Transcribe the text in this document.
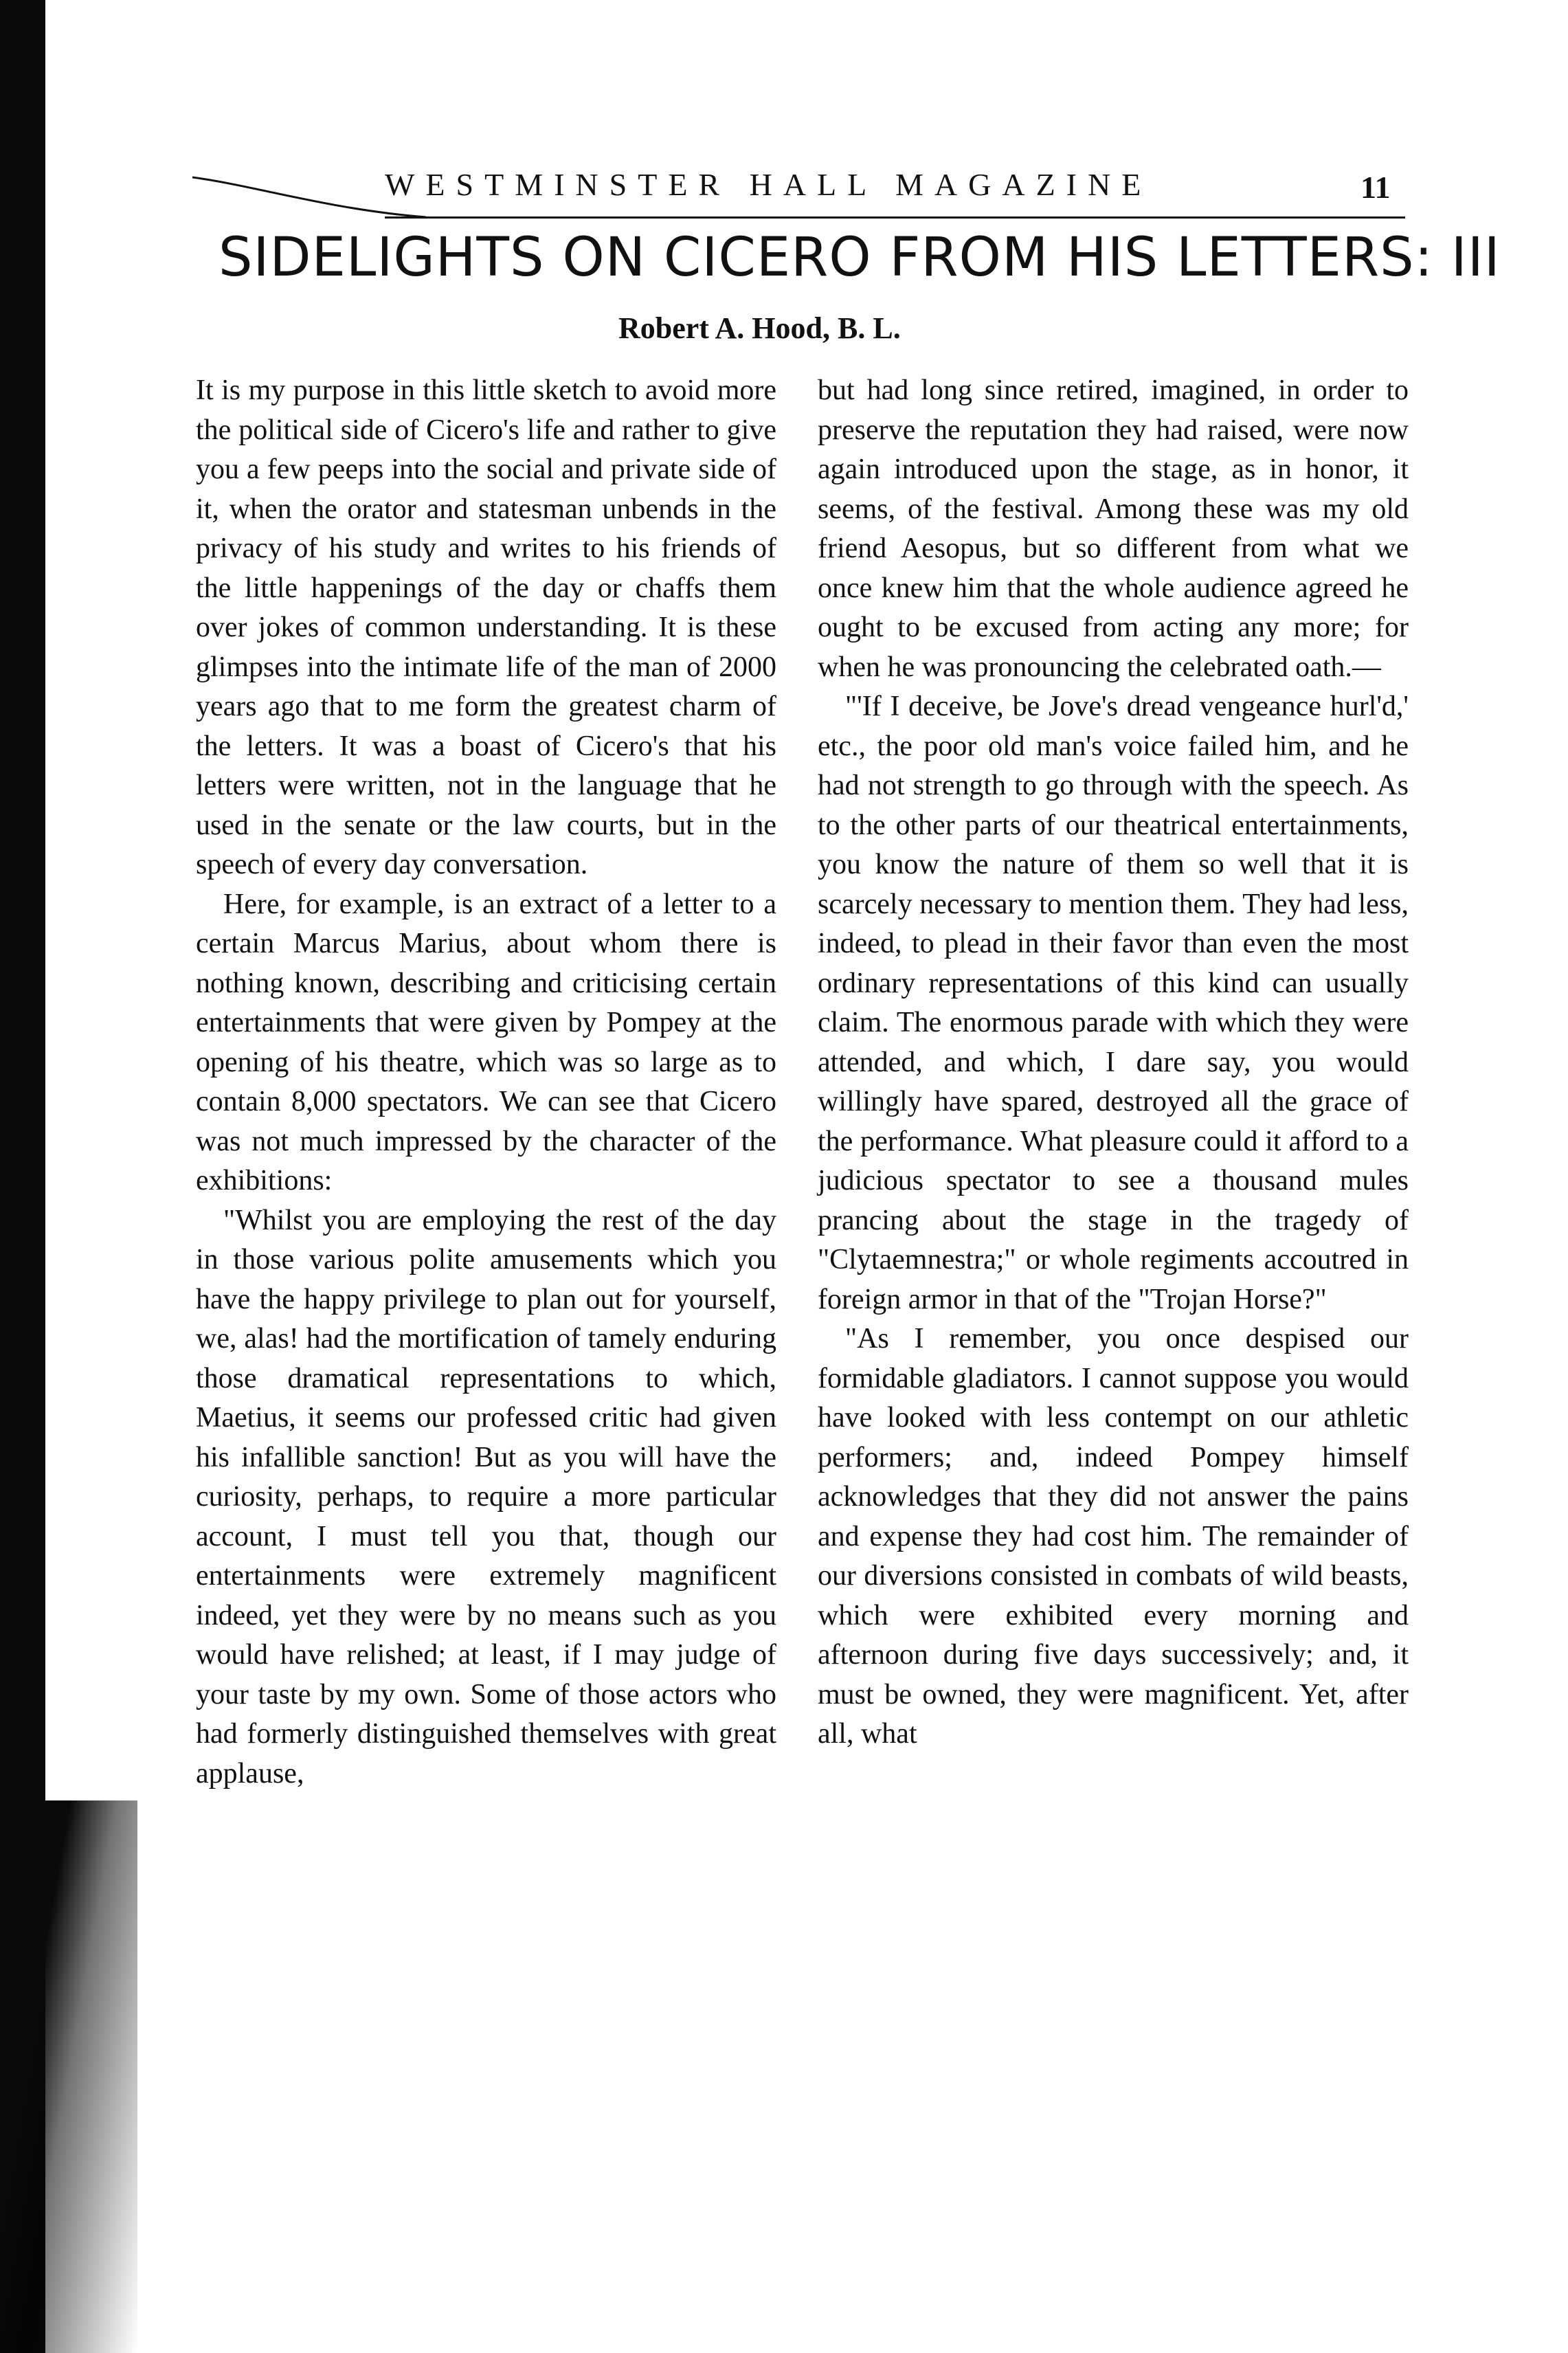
WESTMINSTER HALL MAGAZINE	11
SIDELIGHTS ON CICERO FROM HIS LETTERS: III
Robert A. Hood, B. L.

It is my purpose in this little sketch to avoid more the political side of Cicero's life and rather to give you a few peeps into the social and private side of it, when the orator and statesman unbends in the privacy of his study and writes to his friends of the little happenings of the day or chaffs them over jokes of common understanding. It is these glimpses into the intimate life of the man of 2000 years ago that to me form the greatest charm of the letters. It was a boast of Cicero's that his letters were written, not in the language that he used in the senate or the law courts, but in the speech of every day conversation.

Here, for example, is an extract of a letter to a certain Marcus Marius, about whom there is nothing known, describing and criticising certain entertainments that were given by Pompey at the opening of his theatre, which was so large as to contain 8,000 spectators. We can see that Cicero was not much impressed by the character of the exhibitions:

"Whilst you are employing the rest of the day in those various polite amusements which you have the happy privilege to plan out for yourself, we, alas! had the mortification of tamely enduring those dramatical representations to which, Maetius, it seems our professed critic had given his infallible sanction! But as you will have the curiosity, perhaps, to require a more particular account, I must tell you that, though our entertainments were extremely magnificent indeed, yet they were by no means such as you would have relished; at least, if I may judge of your taste by my own. Some of those actors who had formerly distinguished themselves with great applause,

but had long since retired, imagined, in order to preserve the reputation they had raised, were now again introduced upon the stage, as in honor, it seems, of the festival. Among these was my old friend Aesopus, but so different from what we once knew him that the whole audience agreed he ought to be excused from acting any more; for when he was pronouncing the celebrated oath.—

"'If I deceive, be Jove's dread vengeance hurl'd,' etc., the poor old man's voice failed him, and he had not strength to go through with the speech. As to the other parts of our theatrical entertainments, you know the nature of them so well that it is scarcely necessary to mention them. They had less, indeed, to plead in their favor than even the most ordinary representations of this kind can usually claim. The enormous parade with which they were attended, and which, I dare say, you would willingly have spared, destroyed all the grace of the performance. What pleasure could it afford to a judicious spectator to see a thousand mules prancing about the stage in the tragedy of "Clytaemnestra;" or whole regiments accoutred in foreign armor in that of the "Trojan Horse?"

"As I remember, you once despised our formidable gladiators. I cannot suppose you would have looked with less contempt on our athletic performers; and, indeed Pompey himself acknowledges that they did not answer the pains and expense they had cost him. The remainder of our diversions consisted in combats of wild beasts, which were exhibited every morning and afternoon during five days successively; and, it must be owned, they were magnificent. Yet, after all, what
